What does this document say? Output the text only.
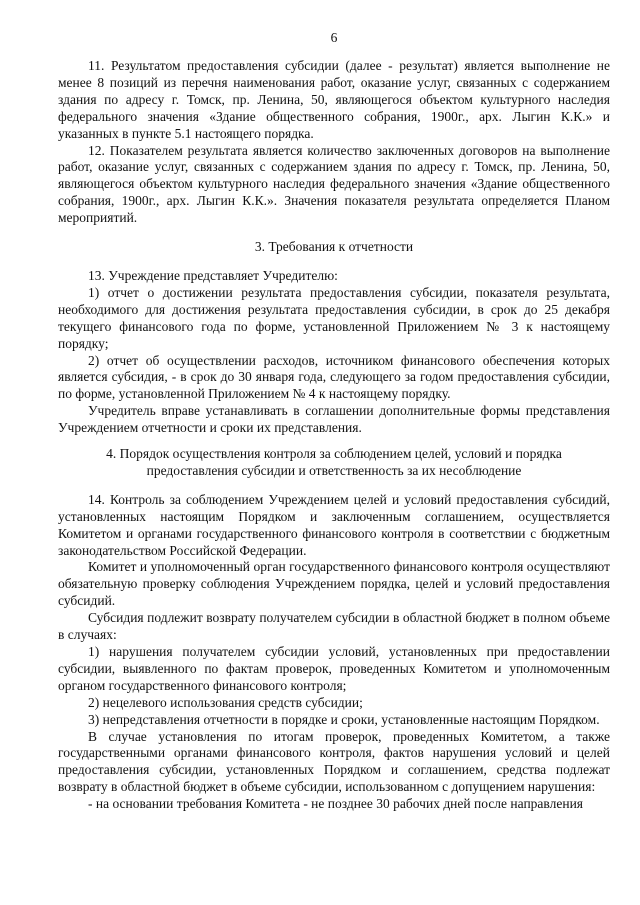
6

11. Результатом предоставления субсидии (далее - результат) является выполнение не менее 8 позиций из перечня наименования работ, оказание услуг, связанных с содержанием здания по адресу г. Томск, пр. Ленина, 50, являющегося объектом культурного наследия федерального значения «Здание общественного собрания, 1900г., арх. Лыгин К.К.» и указанных в пункте 5.1 настоящего порядка.

12. Показателем результата является количество заключенных договоров на выполнение работ, оказание услуг, связанных с содержанием здания по адресу г. Томск, пр. Ленина, 50, являющегося объектом культурного наследия федерального значения «Здание общественного собрания, 1900г., арх. Лыгин К.К.». Значения показателя результата определяется Планом мероприятий.

3. Требования к отчетности

13. Учреждение представляет Учредителю:

1) отчет о достижении результата предоставления субсидии, показателя результата, необходимого для достижения результата предоставления субсидии, в срок до 25 декабря текущего финансового года по форме, установленной Приложением № 3 к настоящему порядку;

2) отчет об осуществлении расходов, источником финансового обеспечения которых является субсидия, - в срок до 30 января года, следующего за годом предоставления субсидии, по форме, установленной Приложением № 4 к настоящему порядку.

Учредитель вправе устанавливать в соглашении дополнительные формы представления Учреждением отчетности и сроки их представления.

4. Порядок осуществления контроля за соблюдением целей, условий и порядка

предоставления субсидии и ответственность за их несоблюдение

14. Контроль за соблюдением Учреждением целей и условий предоставления субсидий, установленных настоящим Порядком и заключенным соглашением, осуществляется Комитетом и органами государственного финансового контроля в соответствии с бюджетным законодательством Российской Федерации.

Комитет и уполномоченный орган государственного финансового контроля осуществляют обязательную проверку соблюдения Учреждением порядка, целей и условий предоставления субсидий.

Субсидия подлежит возврату получателем субсидии в областной бюджет в полном объеме в случаях:

1) нарушения получателем субсидии условий, установленных при предоставлении субсидии, выявленного по фактам проверок, проведенных Комитетом и уполномоченным органом государственного финансового контроля;

2) нецелевого использования средств субсидии;

3) непредставления отчетности в порядке и сроки, установленные настоящим Порядком.

В случае установления по итогам проверок, проведенных Комитетом, а также государственными органами финансового контроля, фактов нарушения условий и целей предоставления субсидии, установленных Порядком и соглашением, средства подлежат возврату в областной бюджет в объеме субсидии, использованном с допущением нарушения:

- на основании требования Комитета - не позднее 30 рабочих дней после направления
